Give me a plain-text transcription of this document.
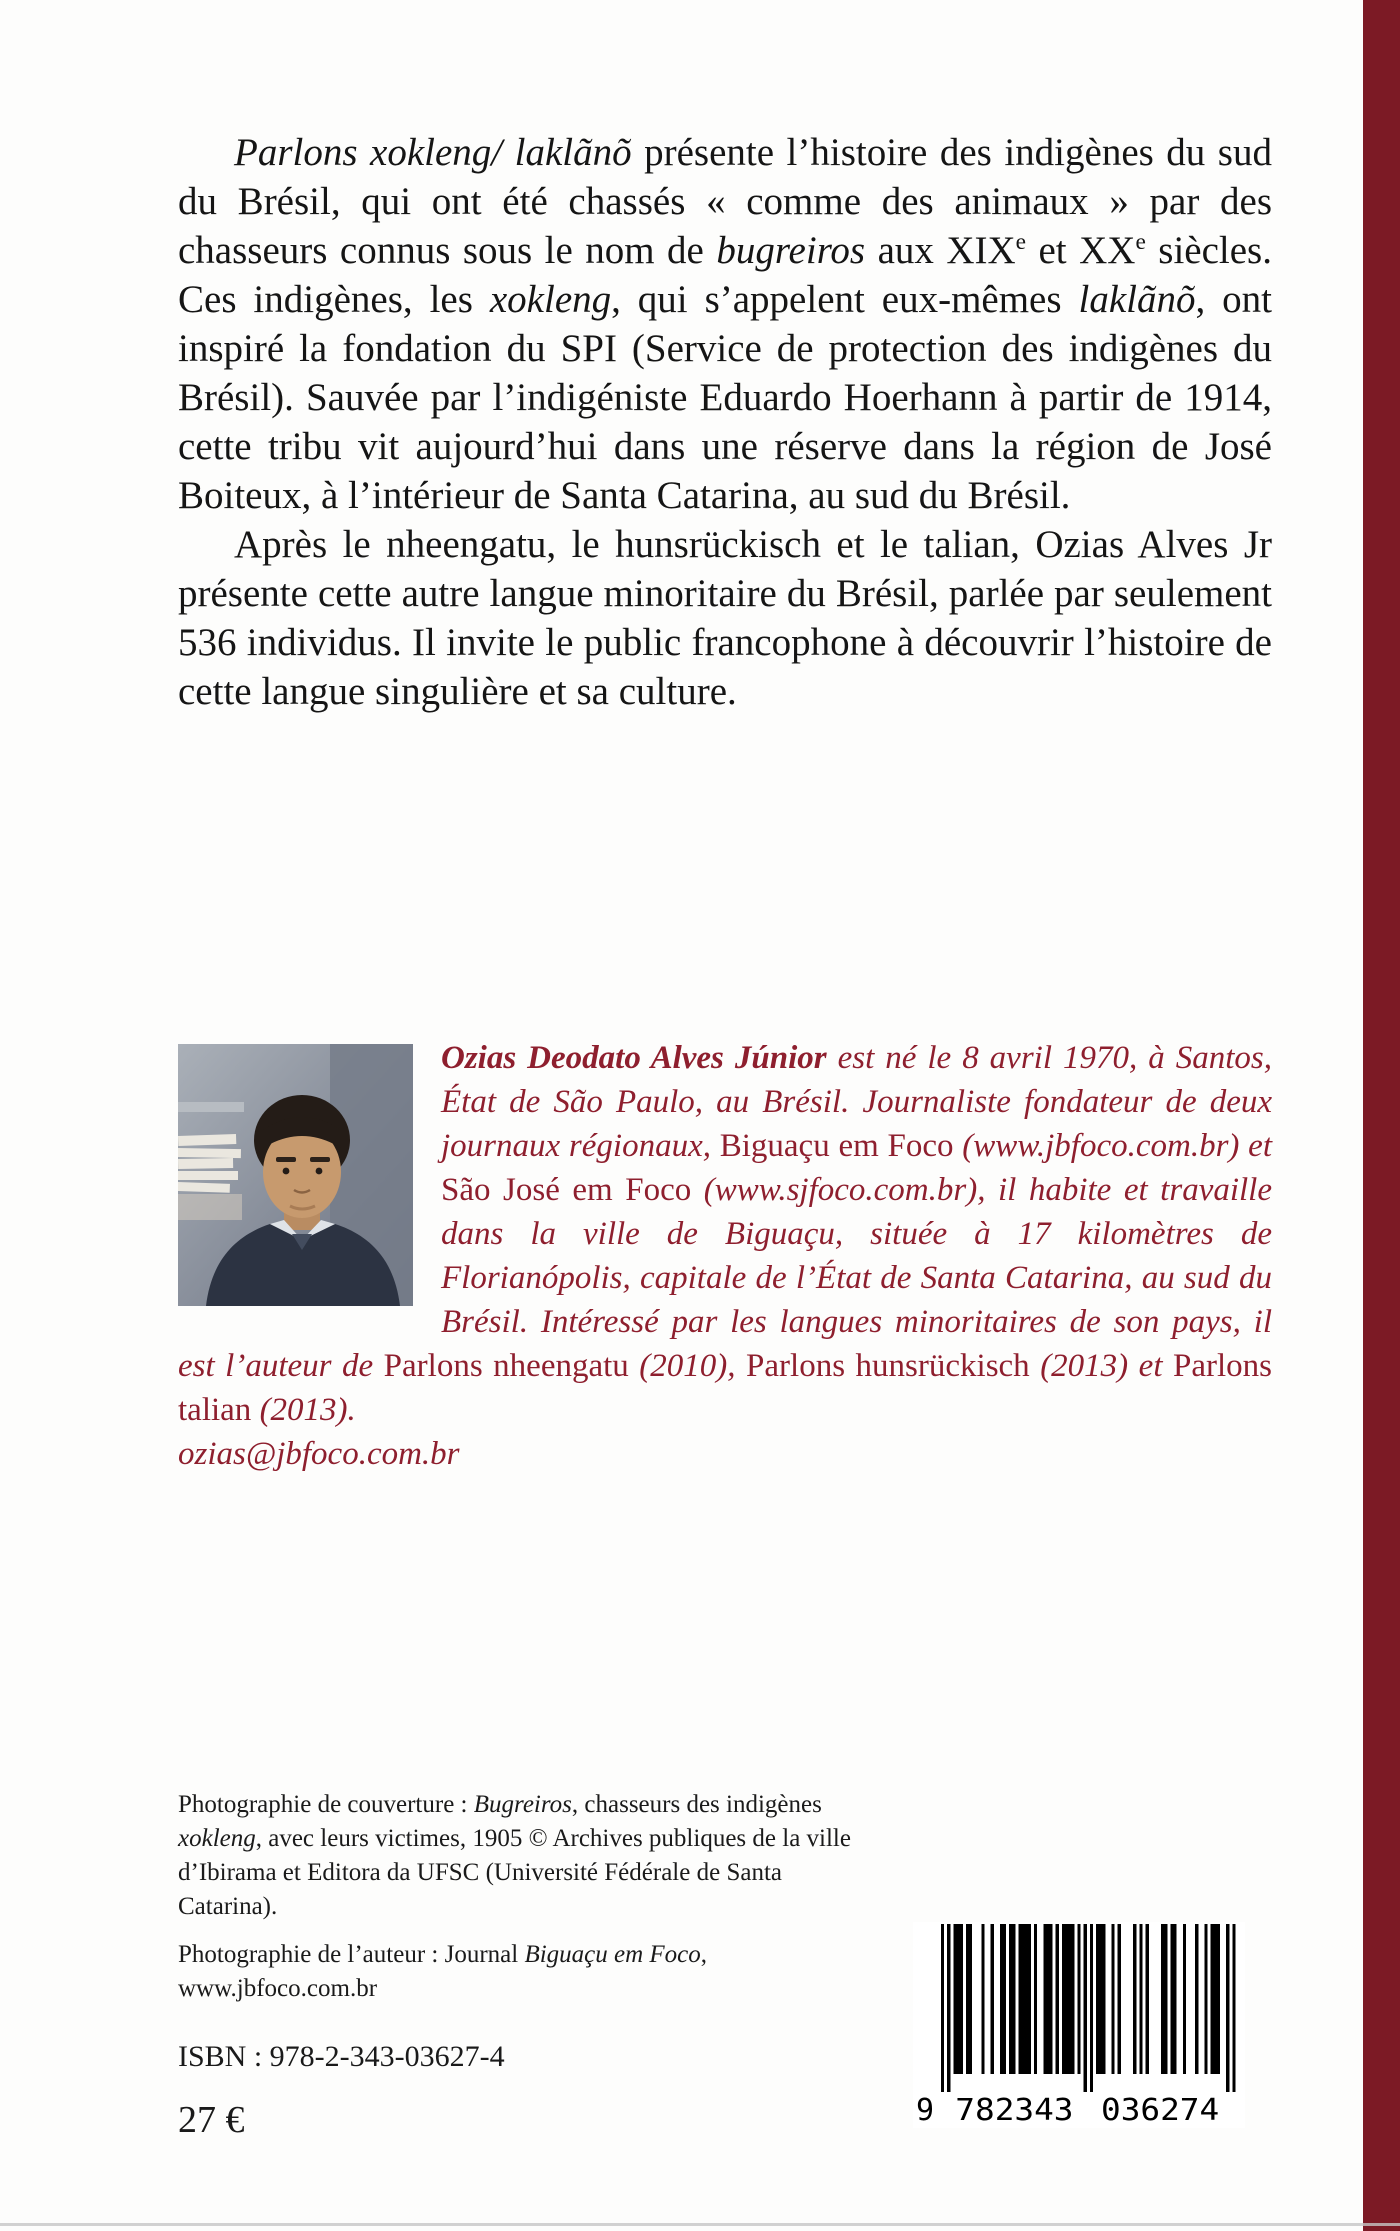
Parlons xokleng/ laklãnõ présente l’histoire des indigènes du sud du Brésil, qui ont été chassés « comme des animaux » par des chasseurs connus sous le nom de bugreiros aux XIXe et XXe siècles. Ces indigènes, les xokleng, qui s’appelent eux-mêmes laklãnõ, ont inspiré la fondation du SPI (Service de protection des indigènes du Brésil). Sauvée par l’indigéniste Eduardo Hoerhann à partir de 1914, cette tribu vit aujourd’hui dans une réserve dans la région de José Boiteux, à l’intérieur de Santa Catarina, au sud du Brésil.

Après le nheengatu, le hunsrückisch et le talian, Ozias Alves Jr présente cette autre langue minoritaire du Brésil, parlée par seulement 536 individus. Il invite le public francophone à découvrir l’histoire de cette langue singulière et sa culture.

Ozias Deodato Alves Júnior est né le 8 avril 1970, à Santos, État de São Paulo, au Brésil. Journaliste fondateur de deux journaux régionaux, Biguaçu em Foco (www.jbfoco.com.br) et São José em Foco (www.sjfoco.com.br), il habite et travaille dans la ville de Biguaçu, située à 17 kilomètres de Florianópolis, capitale de l’État de Santa Catarina, au sud du Brésil. Intéressé par les langues minoritaires de son pays, il est l’auteur de Parlons nheengatu (2010), Parlons hunsrückisch (2013) et Parlons talian (2013).

ozias@jbfoco.com.br

Photographie de couverture : Bugreiros, chasseurs des indigènes xokleng, avec leurs victimes, 1905 © Archives publiques de la ville d’Ibirama et Editora da UFSC (Université Fédérale de Santa Catarina).

Photographie de l’auteur : Journal Biguaçu em Foco, www.jbfoco.com.br

ISBN : 978-2-343-03627-4

27 €	9 782343 036274
